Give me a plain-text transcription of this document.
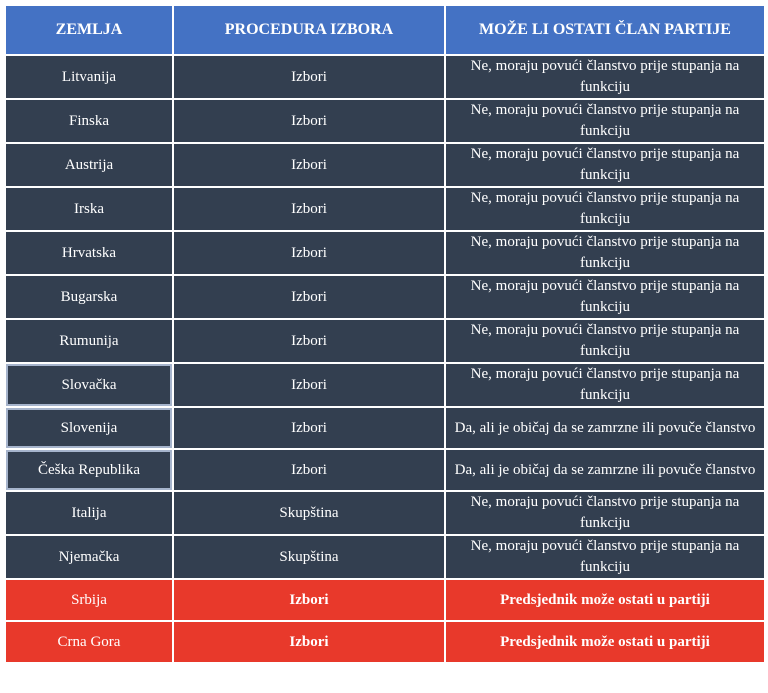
ZEMLJA	PROCEDURA IZBORA	MOŽE LI OSTATI ČLAN PARTIJE
Litvanija	Izbori	Ne, moraju povući članstvo prije stupanja na funkciju
Finska	Izbori	Ne, moraju povući članstvo prije stupanja na funkciju
Austrija	Izbori	Ne, moraju povući članstvo prije stupanja na funkciju
Irska	Izbori	Ne, moraju povući članstvo prije stupanja na funkciju
Hrvatska	Izbori	Ne, moraju povući članstvo prije stupanja na funkciju
Bugarska	Izbori	Ne, moraju povući članstvo prije stupanja na funkciju
Rumunija	Izbori	Ne, moraju povući članstvo prije stupanja na funkciju
Slovačka	Izbori	Ne, moraju povući članstvo prije stupanja na funkciju
Slovenija	Izbori	Da, ali je običaj da se zamrzne ili povuče članstvo
Češka Republika	Izbori	Da, ali je običaj da se zamrzne ili povuče članstvo
Italija	Skupština	Ne, moraju povući članstvo prije stupanja na funkciju
Njemačka	Skupština	Ne, moraju povući članstvo prije stupanja na funkciju
Srbija	Izbori	Predsjednik može ostati u partiji
Crna Gora	Izbori	Predsjednik može ostati u partiji
